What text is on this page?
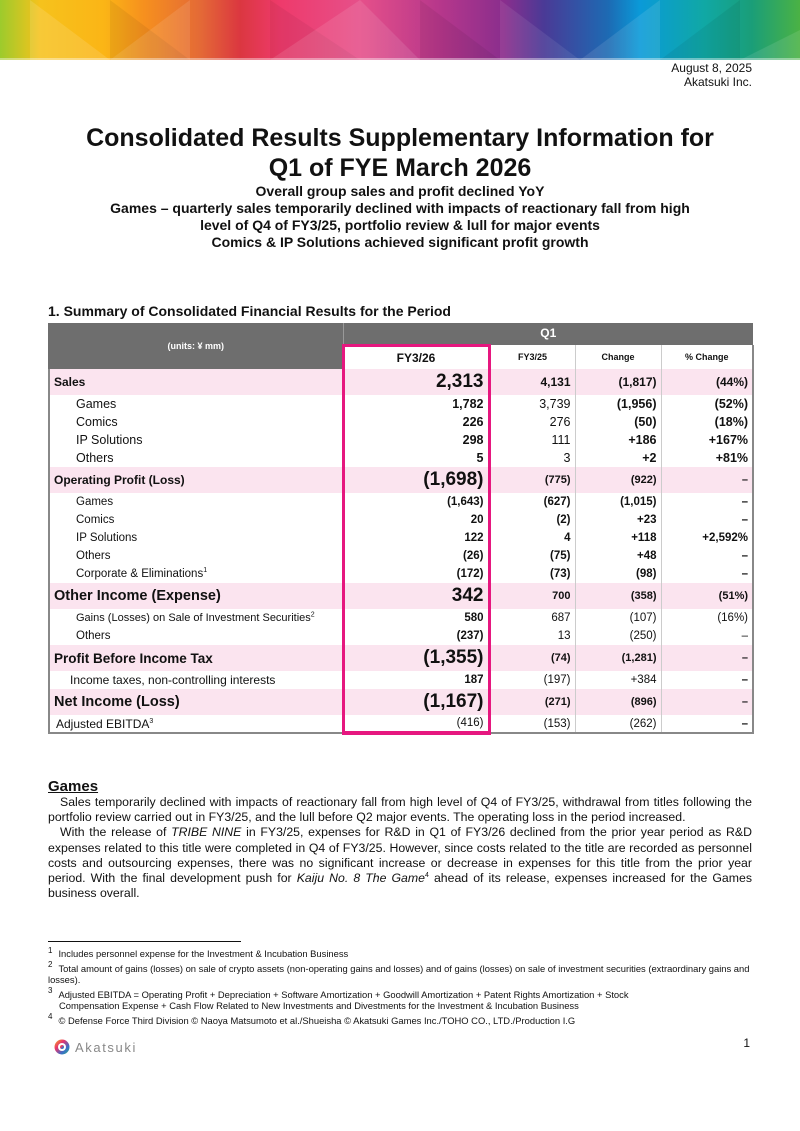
August 8, 2025
Akatsuki Inc.
Consolidated Results Supplementary Information for
Q1 of FYE March 2026
Overall group sales and profit declined YoY
Games – quarterly sales temporarily declined with impacts of reactionary fall from high
level of Q4 of FY3/25, portfolio review & lull for major events
Comics & IP Solutions achieved significant profit growth
1. Summary of Consolidated Financial Results for the Period
(units: ¥ mm)	Q1			
	FY3/26	FY3/25	Change	% Change
Sales	2,313	4,131	(1,817)	(44%)
Games	1,782	3,739	(1,956)	(52%)
Comics	226	276	(50)	(18%)
IP Solutions	298	111	+186	+167%
Others	5	3	+2	+81%
Operating Profit (Loss)	(1,698)	(775)	(922)	–
Games	(1,643)	(627)	(1,015)	–
Comics	20	(2)	+23	–
IP Solutions	122	4	+118	+2,592%
Others	(26)	(75)	+48	–
Corporate & Eliminations$^1$	(172)	(73)	(98)	–
Other Income (Expense)	342	700	(358)	(51%)
Gains (Losses) on Sale of Investment Securities$^2$	580	687	(107)	(16%)
Others	(237)	13	(250)	–
Profit Before Income Tax	(1,355)	(74)	(1,281)	–
Income taxes, non-controlling interests	187	(197)	+384	–
Net Income (Loss)	(1,167)	(271)	(896)	–
Adjusted EBITDA$^3$	(416)	(153)	(262)	–
Games

Sales temporarily declined with impacts of reactionary fall from high level of Q4 of FY3/25, withdrawal from titles following the portfolio review carried out in FY3/25, and the lull before Q2 major events. The operating loss in the period increased.

With the release of TRIBE NINE in FY3/25, expenses for R&D in Q1 of FY3/26 declined from the prior year period as R&D expenses related to this title were completed in Q4 of FY3/25. However, since costs related to the title are recorded as personnel costs and outsourcing expenses, there was no significant increase or decrease in expenses for this title from the prior year period. With the final development push for Kaiju No. 8 The Game$^4$ ahead of its release, expenses increased for the Games business overall.

$^1$ Includes personnel expense for the Investment & Incubation Business
$^2$ Total amount of gains (losses) on sale of crypto assets (non-operating gains and losses) and of gains (losses) on sale of investment securities (extraordinary gains and losses).
$^3$ Adjusted EBITDA = Operating Profit + Depreciation + Software Amortization + Goodwill Amortization + Patent Rights Amortization + Stock
Compensation Expense + Cash Flow Related to New Investments and Divestments for the Investment & Incubation Business
$^4$ © Defense Force Third Division © Naoya Matsumoto et al./Shueisha © Akatsuki Games Inc./TOHO CO., LTD./Production I.G
Akatsuki	1
